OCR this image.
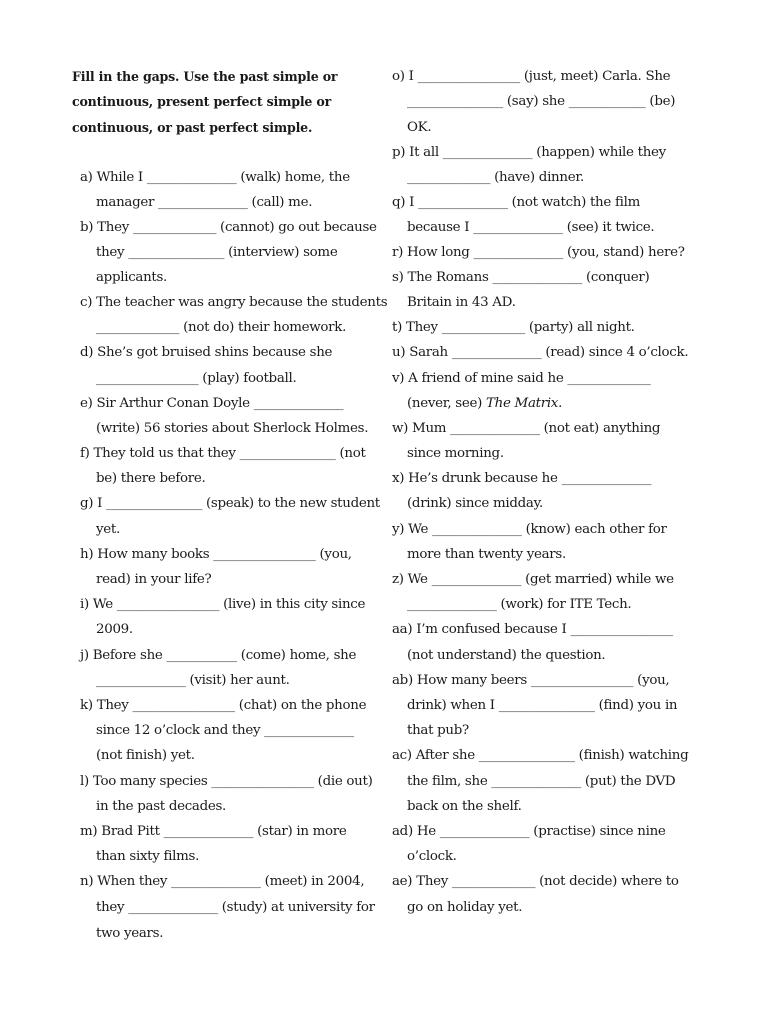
Fill in the gaps. Use the past simple or
continuous, present perfect simple or
continuous, or past perfect simple.
a) While I ______________ (walk) home, the
manager ______________ (call) me.
b) They _____________ (cannot) go out because
they _______________ (interview) some
applicants.
c) The teacher was angry because the students
_____________ (not do) their homework.
d) She’s got bruised shins because she
________________ (play) football.
e) Sir Arthur Conan Doyle ______________
(write) 56 stories about Sherlock Holmes.
f) They told us that they _______________ (not
be) there before.
g) I _______________ (speak) to the new student
yet.
h) How many books ________________ (you,
read) in your life?
i) We ________________ (live) in this city since
2009.
j) Before she ___________ (come) home, she
______________ (visit) her aunt.
k) They ________________ (chat) on the phone
since 12 o’clock and they ______________
(not finish) yet.
l) Too many species ________________ (die out)
in the past decades.
m) Brad Pitt ______________ (star) in more
than sixty films.
n) When they ______________ (meet) in 2004,
they ______________ (study) at university for
two years.
o) I ________________ (just, meet) Carla. She
_______________ (say) she ____________ (be)
OK.
p) It all ______________ (happen) while they
_____________ (have) dinner.
q) I ______________ (not watch) the film
because I ______________ (see) it twice.
r) How long ______________ (you, stand) here?
s) The Romans ______________ (conquer)
Britain in 43 AD.
t) They _____________ (party) all night.
u) Sarah ______________ (read) since 4 o’clock.
v) A friend of mine said he _____________
(never, see) The Matrix.
w) Mum ______________ (not eat) anything
since morning.
x) He’s drunk because he ______________
(drink) since midday.
y) We ______________ (know) each other for
more than twenty years.
z) We ______________ (get married) while we
______________ (work) for ITE Tech.
aa) I’m confused because I ________________
(not understand) the question.
ab) How many beers ________________ (you,
drink) when I _______________ (find) you in
that pub?
ac) After she _______________ (finish) watching
the film, she ______________ (put) the DVD
back on the shelf.
ad) He ______________ (practise) since nine
o’clock.
ae) They _____________ (not decide) where to
go on holiday yet.
